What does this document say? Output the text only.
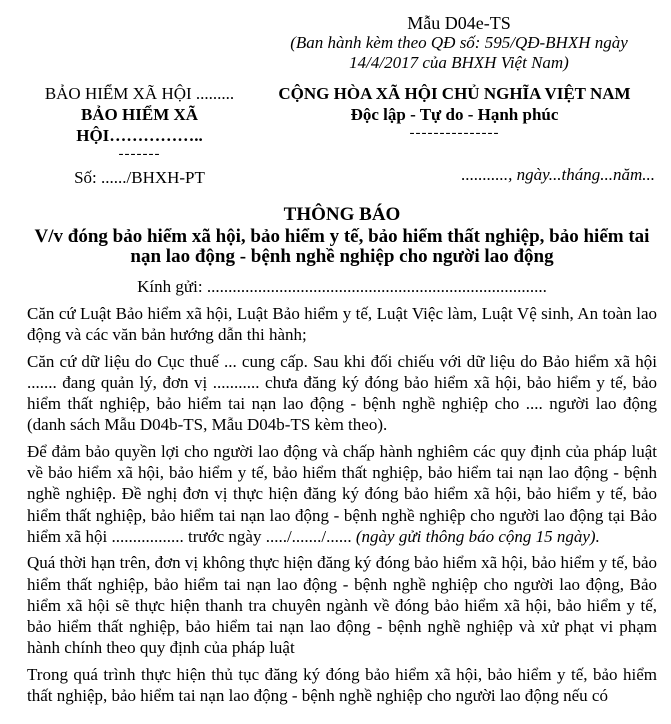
Mẫu D04e-TS
(Ban hành kèm theo QĐ số: 595/QĐ-BHXH ngày
14/4/2017 của BHXH Việt Nam)
BẢO HIỂM XÃ HỘI .........
BẢO HIỂM XÃ HỘI……………..
-------
Số: ....../BHXH-PT
CỘNG HÒA XÃ HỘI CHỦ NGHĨA VIỆT NAM
Độc lập - Tự do - Hạnh phúc
---------------
..........., ngày...tháng...năm...
THÔNG BÁO
V/v đóng bảo hiểm xã hội, bảo hiểm y tế, bảo hiểm thất nghiệp, bảo hiểm tai nạn lao động - bệnh nghề nghiệp cho người lao động
Kính gửi: ................................................................................

Căn cứ Luật Bảo hiểm xã hội, Luật Bảo hiểm y tế, Luật Việc làm, Luật Vệ sinh, An toàn lao động và các văn bản hướng dẫn thi hành;

Căn cứ dữ liệu do Cục thuế ... cung cấp. Sau khi đối chiếu với dữ liệu do Bảo hiểm xã hội ....... đang quản lý, đơn vị ........... chưa đăng ký đóng bảo hiểm xã hội, bảo hiểm y tế, bảo hiểm thất nghiệp, bảo hiểm tai nạn lao động - bệnh nghề nghiệp cho .... người lao động (danh sách Mẫu D04b-TS, Mẫu D04b-TS kèm theo).

Để đảm bảo quyền lợi cho người lao động và chấp hành nghiêm các quy định của pháp luật về bảo hiểm xã hội, bảo hiểm y tế, bảo hiểm thất nghiệp, bảo hiểm tai nạn lao động - bệnh nghề nghiệp. Đề nghị đơn vị thực hiện đăng ký đóng bảo hiểm xã hội, bảo hiểm y tế, bảo hiểm thất nghiệp, bảo hiểm tai nạn lao động - bệnh nghề nghiệp cho người lao động tại Bảo hiểm xã hội ................. trước ngày ...../......./...... (ngày gửi thông báo cộng 15 ngày).

Quá thời hạn trên, đơn vị không thực hiện đăng ký đóng bảo hiểm xã hội, bảo hiểm y tế, bảo hiểm thất nghiệp, bảo hiểm tai nạn lao động - bệnh nghề nghiệp cho người lao động, Bảo hiểm xã hội sẽ thực hiện thanh tra chuyên ngành về đóng bảo hiểm xã hội, bảo hiểm y tế, bảo hiểm thất nghiệp, bảo hiểm tai nạn lao động - bệnh nghề nghiệp và xử phạt vi phạm hành chính theo quy định của pháp luật

Trong quá trình thực hiện thủ tục đăng ký đóng bảo hiểm xã hội, bảo hiểm y tế, bảo hiểm thất nghiệp, bảo hiểm tai nạn lao động - bệnh nghề nghiệp cho người lao động nếu có
